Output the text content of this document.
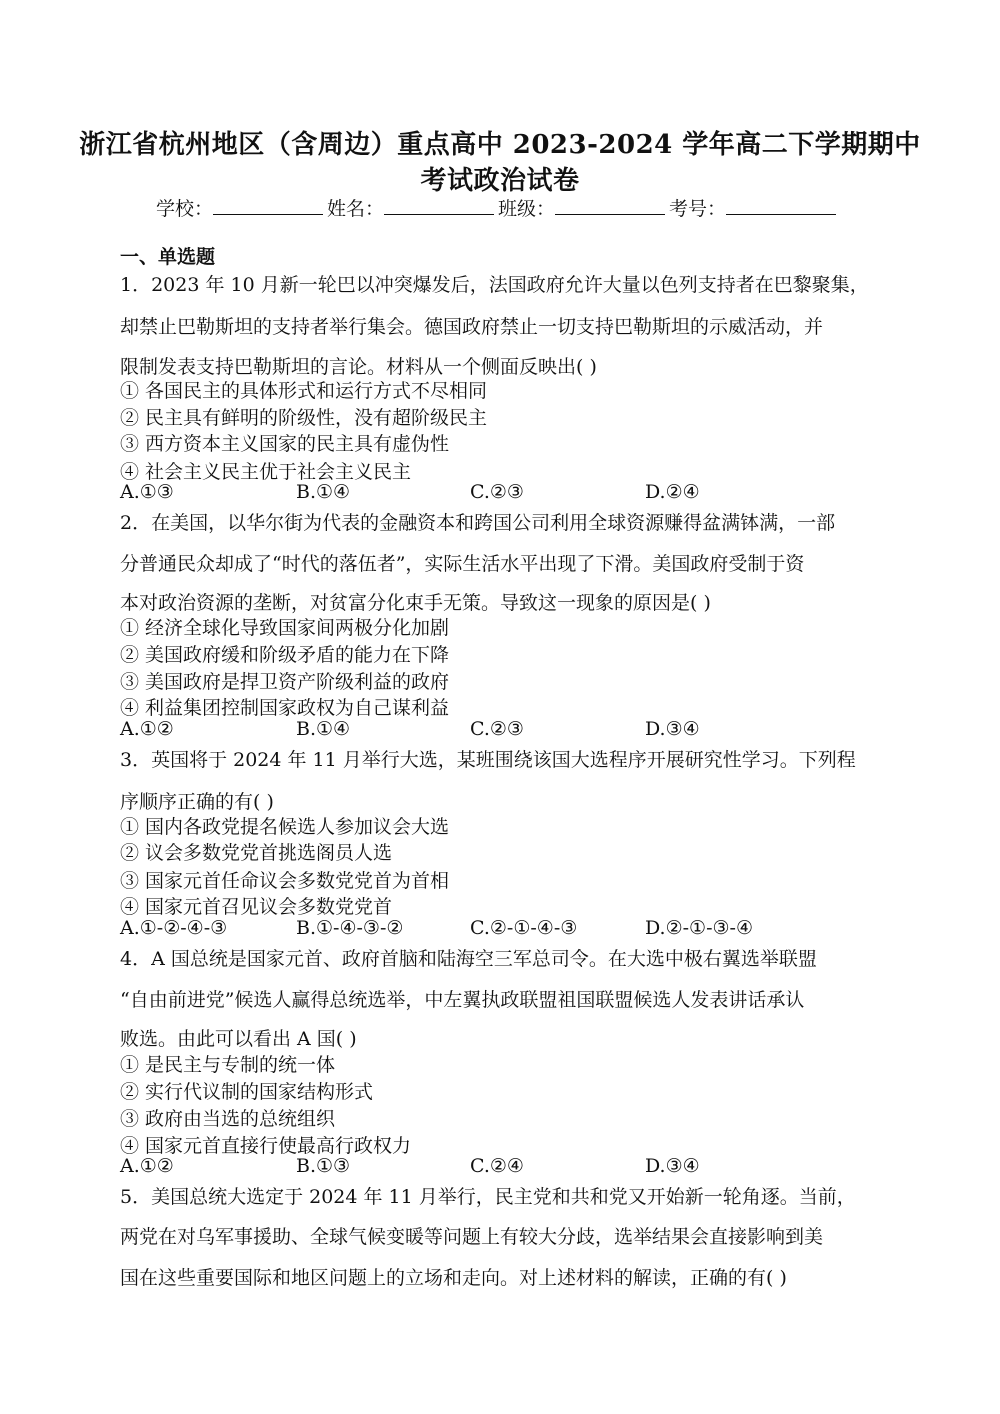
浙江省杭州地区（含周边）重点高中 2023-2024 学年高二下学期期中
考试政治试卷
学校：	姓名：	班级：	考号：
一、单选题
1．2023 年 10 月新一轮巴以冲突爆发后，法国政府允许大量以色列支持者在巴黎聚集，
却禁止巴勒斯坦的支持者举行集会。德国政府禁止一切支持巴勒斯坦的示威活动，并
限制发表支持巴勒斯坦的言论。材料从一个侧面反映出( )
① 各国民主的具体形式和运行方式不尽相同
② 民主具有鲜明的阶级性，没有超阶级民主
③ 西方资本主义国家的民主具有虚伪性
④ 社会主义民主优于社会主义民主
A.①③	B.①④	C.②③	D.②④
2．在美国，以华尔街为代表的金融资本和跨国公司利用全球资源赚得盆满钵满，一部
分普通民众却成了“时代的落伍者”，实际生活水平出现了下滑。美国政府受制于资
本对政治资源的垄断，对贫富分化束手无策。导致这一现象的原因是( )
① 经济全球化导致国家间两极分化加剧
② 美国政府缓和阶级矛盾的能力在下降
③ 美国政府是捍卫资产阶级利益的政府
④ 利益集团控制国家政权为自己谋利益
A.①②	B.①④	C.②③	D.③④
3．英国将于 2024 年 11 月举行大选，某班围绕该国大选程序开展研究性学习。下列程
序顺序正确的有( )
① 国内各政党提名候选人参加议会大选
② 议会多数党党首挑选阁员人选
③ 国家元首任命议会多数党党首为首相
④ 国家元首召见议会多数党党首
A.①-②-④-③	B.①-④-③-②	C.②-①-④-③	D.②-①-③-④
4．A 国总统是国家元首、政府首脑和陆海空三军总司令。在大选中极右翼选举联盟
“自由前进党”候选人赢得总统选举，中左翼执政联盟祖国联盟候选人发表讲话承认
败选。由此可以看出 A 国( )
① 是民主与专制的统一体
② 实行代议制的国家结构形式
③ 政府由当选的总统组织
④ 国家元首直接行使最高行政权力
A.①②	B.①③	C.②④	D.③④
5．美国总统大选定于 2024 年 11 月举行，民主党和共和党又开始新一轮角逐。当前，
两党在对乌军事援助、全球气候变暖等问题上有较大分歧，选举结果会直接影响到美
国在这些重要国际和地区问题上的立场和走向。对上述材料的解读，正确的有( )
